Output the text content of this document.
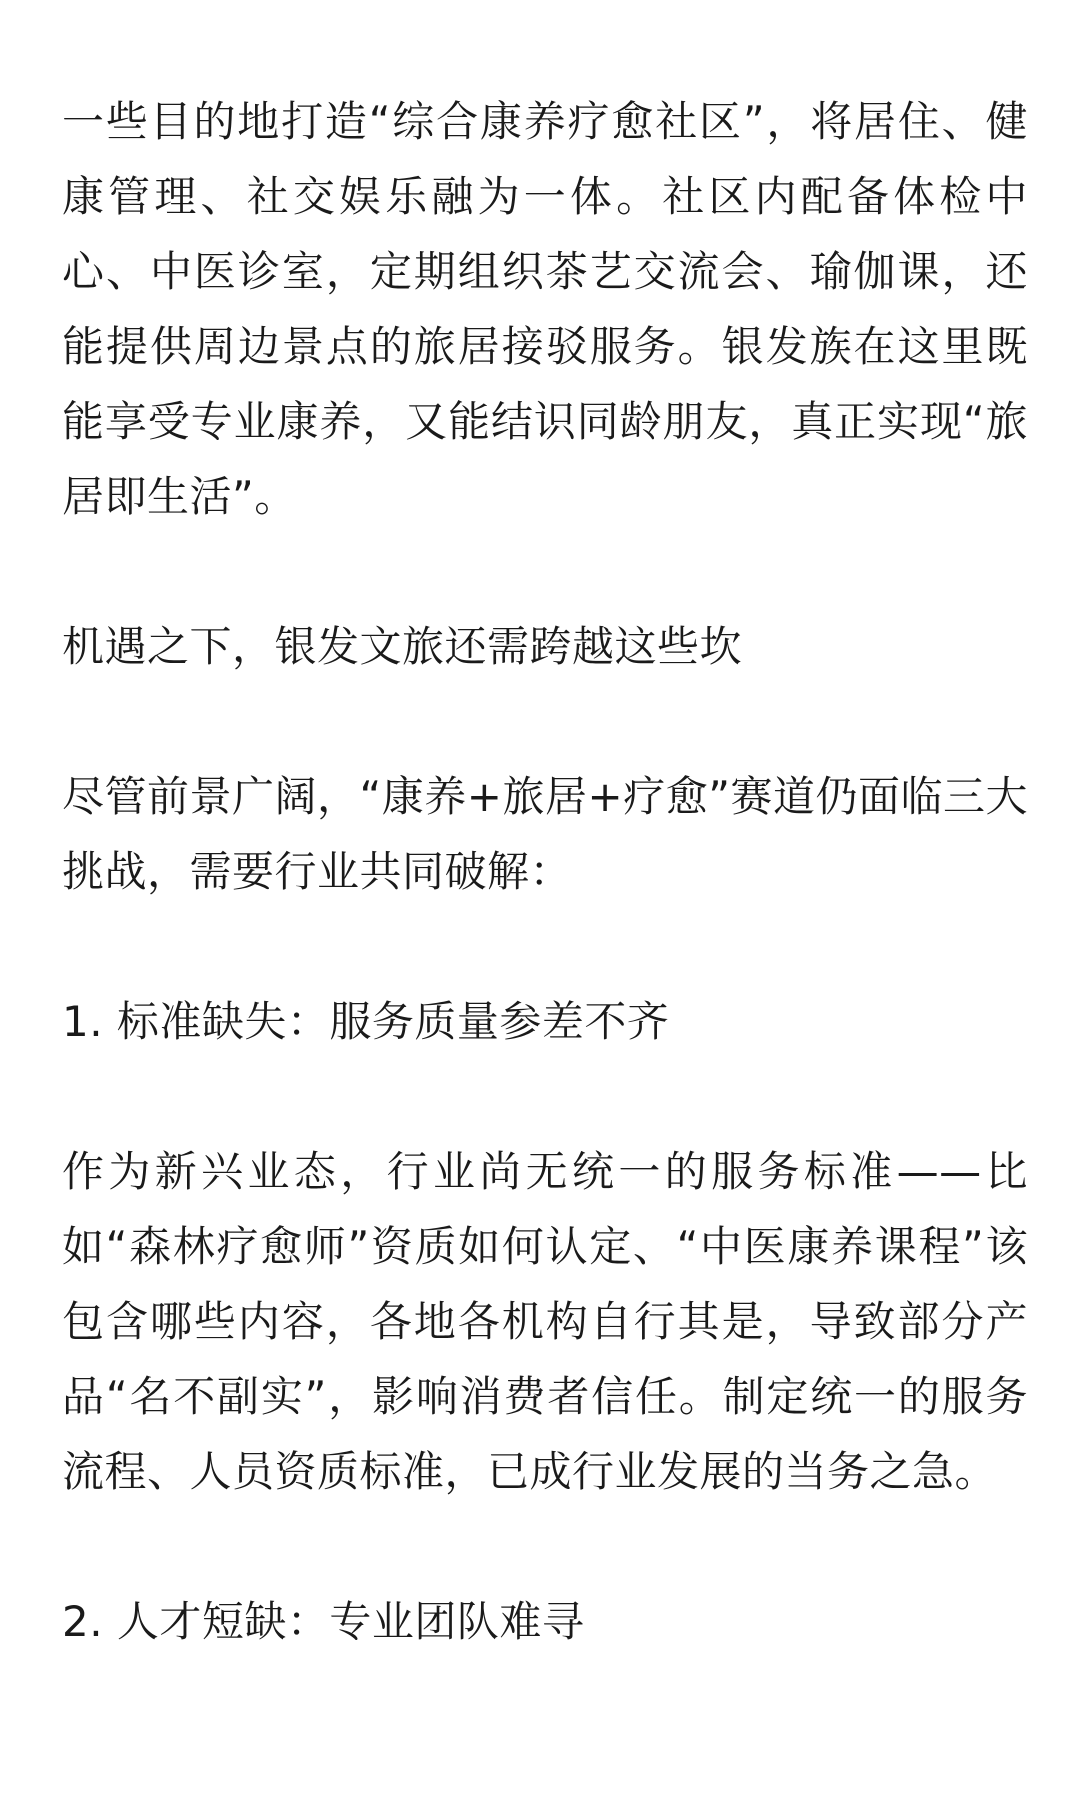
一些目的地打造“综合康养疗愈社区”，将居住、健康管理、社交娱乐融为一体。社区内配备体检中心、中医诊室，定期组织茶艺交流会、瑜伽课，还能提供周边景点的旅居接驳服务。银发族在这里既能享受专业康养，又能结识同龄朋友，真正实现“旅居即生活”。

机遇之下，银发文旅还需跨越这些坎

尽管前景广阔，“康养+旅居+疗愈”赛道仍面临三大挑战，需要行业共同破解：

1. 标准缺失：服务质量参差不齐

作为新兴业态，行业尚无统一的服务标准——比如“森林疗愈师”资质如何认定、“中医康养课程”该包含哪些内容，各地各机构自行其是，导致部分产品“名不副实”，影响消费者信任。制定统一的服务流程、人员资质标准，已成行业发展的当务之急。

2. 人才短缺：专业团队难寻
